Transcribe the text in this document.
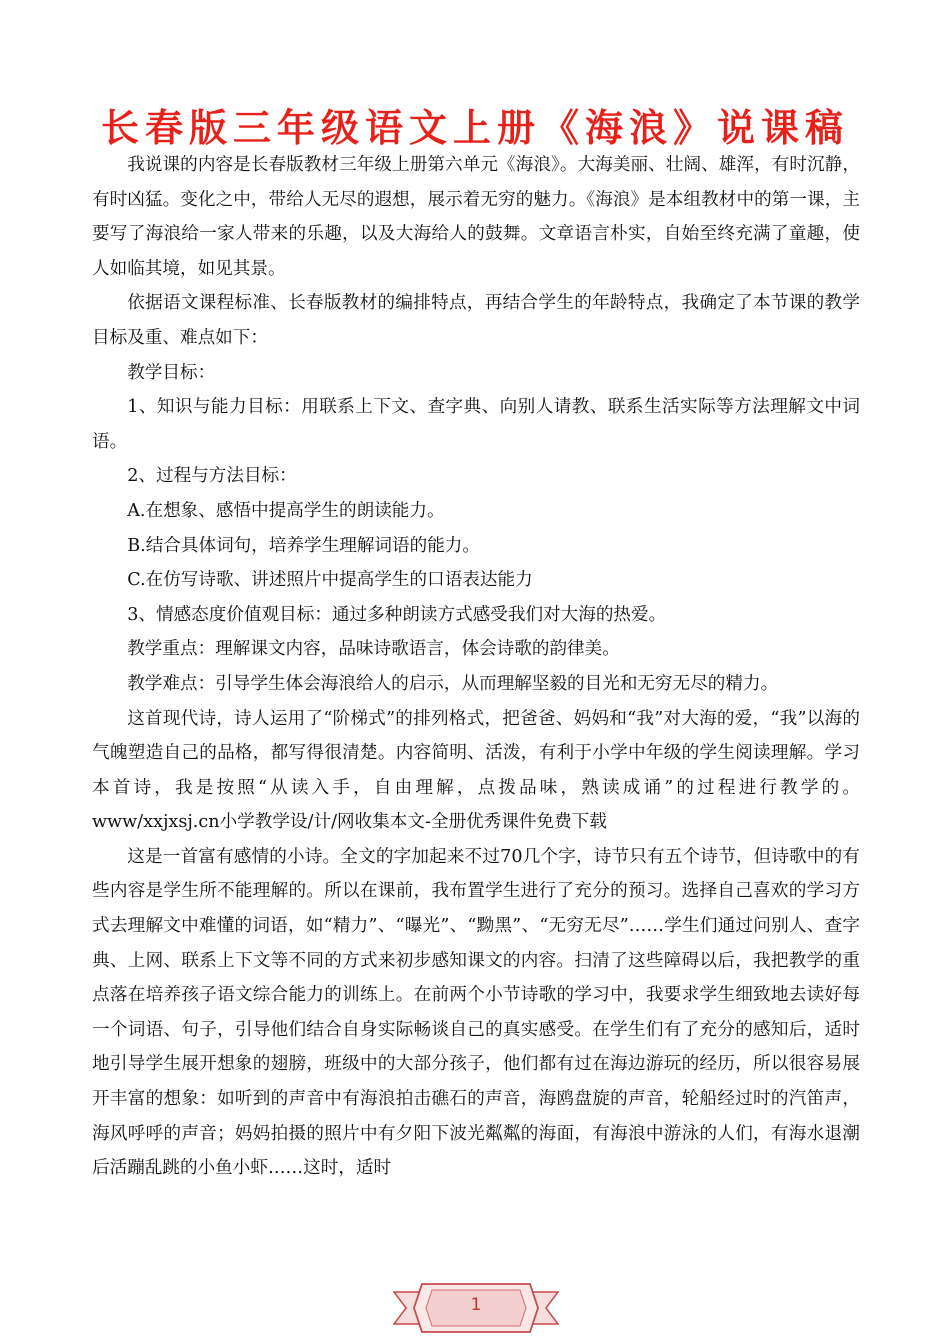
长春版三年级语文上册《海浪》说课稿

我说课的内容是长春版教材三年级上册第六单元《海浪》。大海美丽、壮阔、雄浑，有时沉静，有时凶猛。变化之中，带给人无尽的遐想，展示着无穷的魅力。《海浪》是本组教材中的第一课，主要写了海浪给一家人带来的乐趣，以及大海给人的鼓舞。文章语言朴实，自始至终充满了童趣，使人如临其境，如见其景。

依据语文课程标准、长春版教材的编排特点，再结合学生的年龄特点，我确定了本节课的教学目标及重、难点如下：

教学目标：

1、知识与能力目标：用联系上下文、查字典、向别人请教、联系生活实际等方法理解文中词语。

2、过程与方法目标：

A.在想象、感悟中提高学生的朗读能力。

B.结合具体词句，培养学生理解词语的能力。

C.在仿写诗歌、讲述照片中提高学生的口语表达能力

3、情感态度价值观目标：通过多种朗读方式感受我们对大海的热爱。

教学重点：理解课文内容，品味诗歌语言，体会诗歌的韵律美。

教学难点：引导学生体会海浪给人的启示，从而理解坚毅的目光和无穷无尽的精力。

这首现代诗，诗人运用了“阶梯式”的排列格式，把爸爸、妈妈和“我”对大海的爱，“我”以海的气魄塑造自己的品格，都写得很清楚。内容简明、活泼，有利于小学中年级的学生阅读理解。学习本首诗，我是按照“从读入手，自由理解，点拨品味，熟读成诵”的过程进行教学的。www/xxjxsj.cn小学教学设/计/网收集本文-全册优秀课件免费下载

这是一首富有感情的小诗。全文的字加起来不过70几个字，诗节只有五个诗节，但诗歌中的有些内容是学生所不能理解的。所以在课前，我布置学生进行了充分的预习。选择自己喜欢的学习方式去理解文中难懂的词语，如“精力”、“曝光”、“黝黑”、“无穷无尽”……学生们通过问别人、查字典、上网、联系上下文等不同的方式来初步感知课文的内容。扫清了这些障碍以后，我把教学的重点落在培养孩子语文综合能力的训练上。在前两个小节诗歌的学习中，我要求学生细致地去读好每一个词语、句子，引导他们结合自身实际畅谈自己的真实感受。在学生们有了充分的感知后，适时地引导学生展开想象的翅膀，班级中的大部分孩子，他们都有过在海边游玩的经历，所以很容易展开丰富的想象：如听到的声音中有海浪拍击礁石的声音，海鸥盘旋的声音，轮船经过时的汽笛声，海风呼呼的声音；妈妈拍摄的照片中有夕阳下波光粼粼的海面，有海浪中游泳的人们，有海水退潮后活蹦乱跳的小鱼小虾……这时，适时

1
